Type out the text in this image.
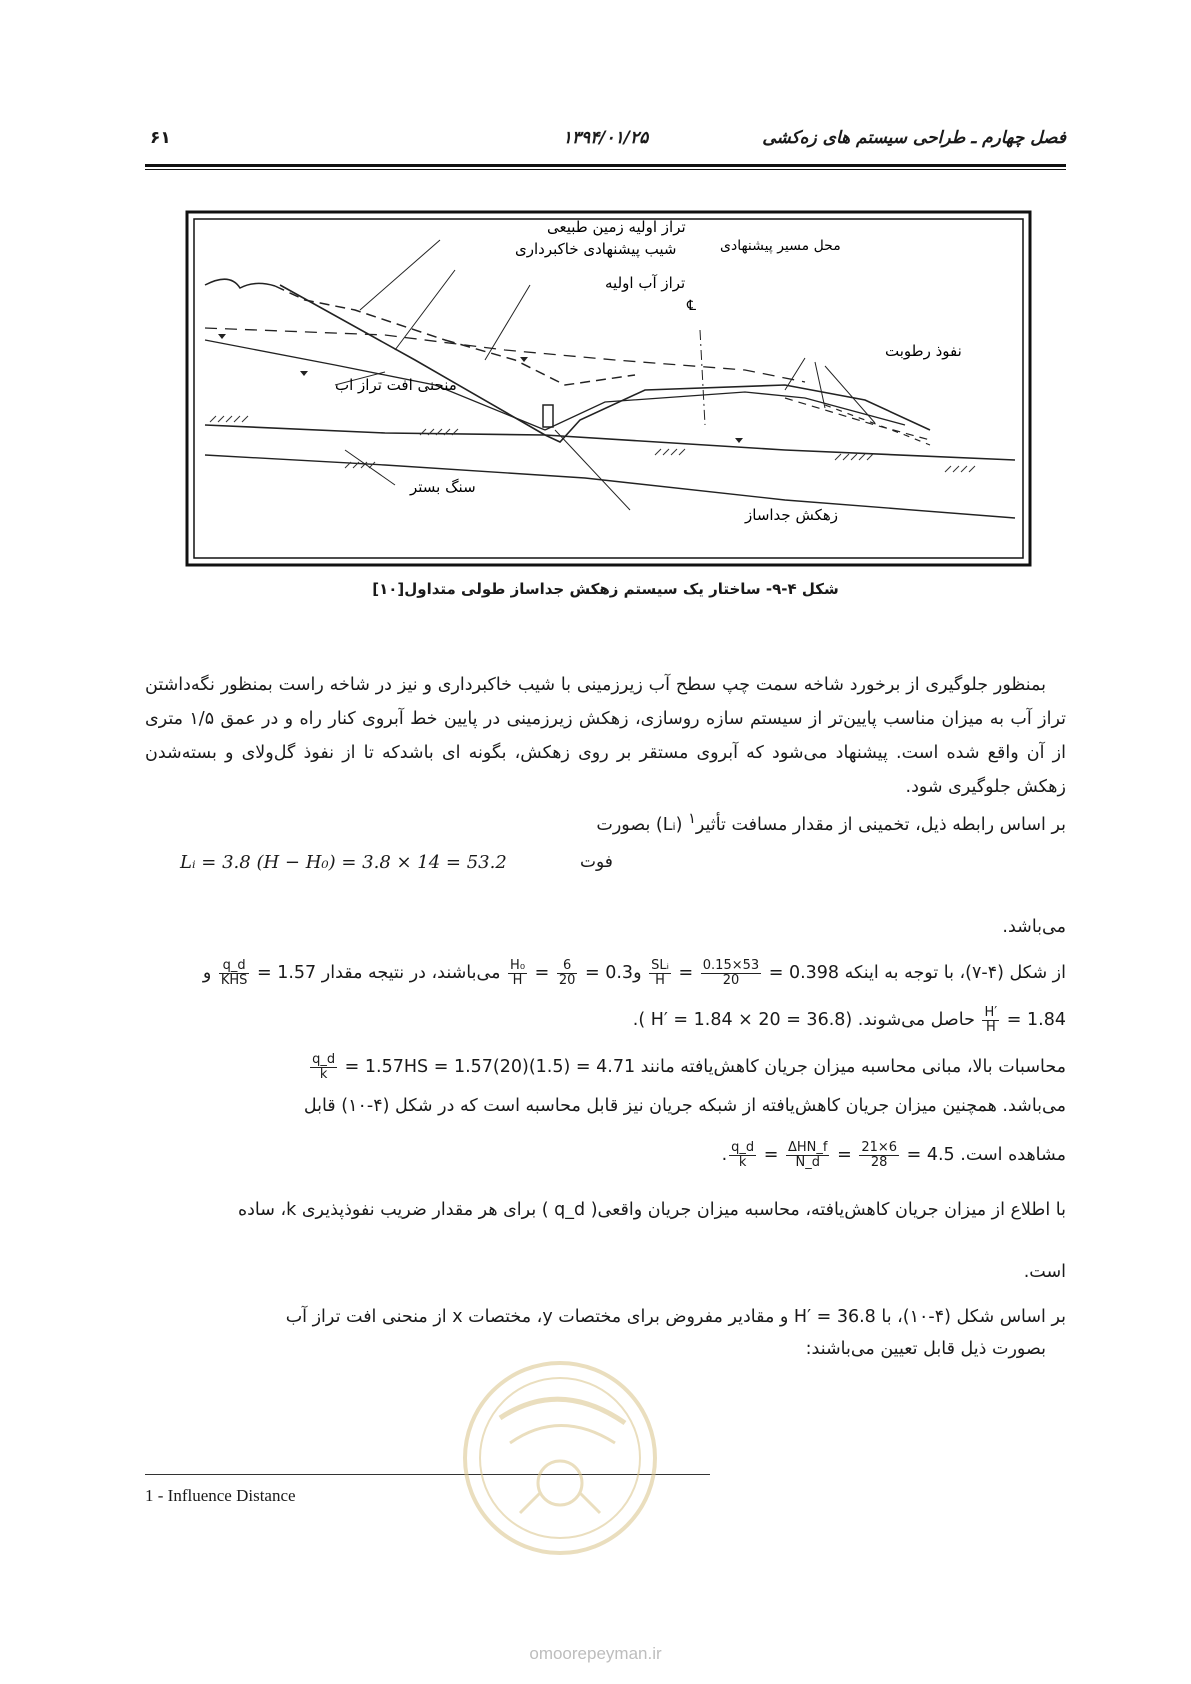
فصل چهارم ـ طراحی سیستم های زه‌کشی
۱۳۹۴/۰۱/۲۵
۶۱
تراز اولیه زمین طبیعی
شیب پیشنهادی خاکبرداری
تراز آب اولیه
محل مسیر پیشنهادی
℄
نفوذ رطوبت
منحنی افت تراز اب
سنگ بستر
زهکش جداساز
شکل ۴-۹- ساختار یک سیستم زهکش جداساز طولی متداول[۱۰]
بمنظور جلوگیری از برخورد شاخه سمت چپ سطح آب زیرزمینی با شیب خاکبرداری و نیز در شاخه راست بمنظور نگه‌داشتن تراز آب به میزان مناسب پایین‌تر از سیستم سازه روسازی، زهکش زیرزمینی در پایین خط آبروی کنار راه و در عمق ۱/۵ متری از آن واقع شده است. پیشنهاد می‌شود که آبروی مستقر بر روی زهکش، بگونه ای باشدکه تا از نفوذ گل‌ولای و بسته‌شدن زهکش جلوگیری شود.
بر اساس رابطه ذیل، تخمینی از مقدار مسافت تأثیر$^۱$ (Lᵢ) بصورت
Lᵢ = 3.8 (H − H₀) = 3.8 × 14 = 53.2	فوت
می‌باشد.
از شکل (۴-۷)، با توجه به اینکه 0.398 =
$\frac{0.15\times 53}{20}$
=
$\frac{\text{SLᵢ}}{H}$
و0.3 =
$\frac{6}{20}$
=
$\frac{\text{H₀}}{H}$
می‌باشند، در نتیجه مقدار 1.57 =
$\frac{q\_d}{\text{KHS}}$
و
1.84 =
$\frac{H'}{H}$
حاصل می‌شوند. (H′ = 1.84 × 20 = 36.8 ).
محاسبات بالا، مبانی محاسبه میزان جریان کاهش‌یافته مانند 4.71 = (1.5)(20)1.57 = 1.57HS =
$\frac{q\_d}{k}$
می‌باشد. همچنین میزان جریان کاهش‌یافته از شبکه جریان نیز قابل محاسبه است که در شکل (۴-۱۰) قابل
مشاهده است. 4.5 =
$\frac{21\times 6}{28}$
=
$\frac{\text{ΔHN\_f}}{N\_d}$
=
$\frac{q\_d}{k}$
.
با اطلاع از میزان جریان کاهش‌یافته، محاسبه میزان جریان واقعی( q_d ) برای هر مقدار ضریب نفوذپذیری k، ساده
است.
بر اساس شکل (۴-۱۰)، با H′ = 36.8 و مقادیر مفروض برای مختصات y، مختصات x از منحنی افت تراز آب
بصورت ذیل قابل تعیین می‌باشند:
1 - Influence Distance
omoorepeyman.ir
